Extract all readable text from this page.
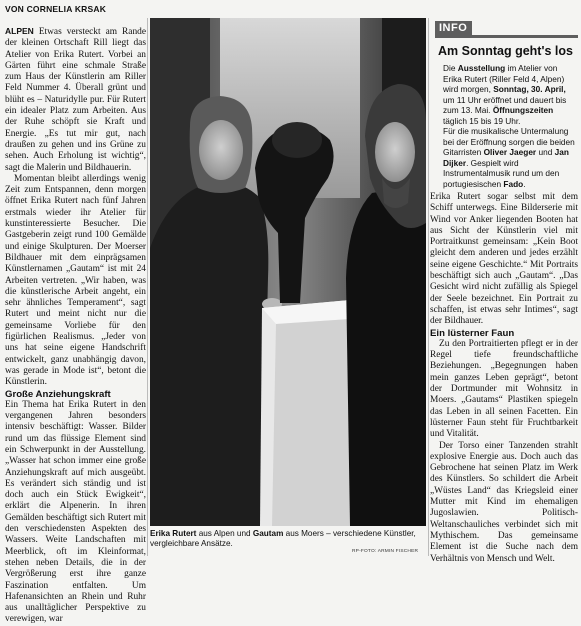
VON CORNELIA KRSAK

ALPEN Etwas versteckt am Rande der kleinen Ortschaft Rill liegt das Atelier von Erika Rutert. Vorbei an Gärten führt eine schmale Straße zum Haus der Künstlerin am Riller Feld Nummer 4. Überall grünt und blüht es – Naturidylle pur. Für Rutert ein idealer Platz zum Arbeiten. Aus der Ruhe schöpft sie Kraft und Energie. „Es tut mir gut, nach draußen zu gehen und ins Grüne zu sehen. Auch Erholung ist wichtig“, sagt die Malerin und Bildhauerin.

Momentan bleibt allerdings wenig Zeit zum Entspannen, denn morgen öffnet Erika Rutert nach fünf Jahren erstmals wieder ihr Atelier für kunstinteressierte Besucher. Die Gastgeberin zeigt rund 100 Gemälde und einige Skulpturen. Der Moerser Bildhauer mit dem einprägsamen Künstlernamen „Gautam“ ist mit 24 Arbeiten vertreten. „Wir haben, was die künstlerische Arbeit angeht, ein sehr ähnliches Temperament“, sagt Rutert und meint nicht nur die gemeinsame Vorliebe für den figürlichen Realismus. „Jeder von uns hat seine eigene Handschrift entwickelt, ganz unabhängig davon, was gerade in Mode ist“, betont die Künstlerin.

Große Anziehungskraft

Ein Thema hat Erika Rutert in den vergangenen Jahren besonders intensiv beschäftigt: Wasser. Bilder rund um das flüssige Element sind ein Schwerpunkt in der Ausstellung. „Wasser hat schon immer eine große Anziehungskraft auf mich ausgeübt. Es verändert sich ständig und ist doch auch ein Stück Ewigkeit“, erklärt die Alpenerin. In ihren Gemälden beschäftigt sich Rutert mit den verschiedensten Aspekten des Wassers. Weite Landschaften mit Meerblick, oft im Kleinformat, stehen neben Details, die in der Vergrößerung erst ihre ganze Faszination entfalten. Um Hafenansichten an Rhein und Ruhr aus unalltäglicher Perspektive zu verewigen, war

Erika Rutert aus Alpen und Gautam aus Moers – verschiedene Künstler, vergleichbare Ansätze.
RP-FOTO: ARMIN FISCHER
INFO
Am Sonntag geht's los
Die Ausstellung im Atelier von Erika Rutert (Riller Feld 4, Alpen) wird morgen, Sonntag, 30. April, um 11 Uhr eröffnet und dauert bis zum 13. Mai. Öffnungszeiten täglich 15 bis 19 Uhr.
Für die musikalische Untermalung bei der Eröffnung sorgen die beiden Gitarristen Oliver Jaeger und Jan Dijker. Gespielt wird Instrumentalmusik rund um den portugiesischen Fado.

Erika Rutert sogar selbst mit dem Schiff unterwegs. Eine Bilderserie mit Wind vor Anker liegenden Booten hat aus Sicht der Künstlerin viel mit Portraitkunst gemeinsam: „Kein Boot gleicht dem anderen und jedes erzählt seine eigene Geschichte.“ Mit Portraits beschäftigt sich auch „Gautam“. „Das Gesicht wird nicht zufällig als Spiegel der Seele bezeichnet. Ein Portrait zu schaffen, ist etwas sehr Intimes“, sagt der Bildhauer.

Ein lüsterner Faun

Zu den Portraitierten pflegt er in der Regel tiefe freundschaftliche Beziehungen. „Begegnungen haben mein ganzes Leben geprägt“, betont der Dortmunder mit Wohnsitz in Moers. „Gautams“ Plastiken spiegeln das Leben in all seinen Facetten. Ein lüsterner Faun steht für Fruchtbarkeit und Vitalität.

Der Torso einer Tanzenden strahlt explosive Energie aus. Doch auch das Gebrochene hat seinen Platz im Werk des Künstlers. So schildert die Arbeit „Wüstes Land“ das Kriegsleid einer Mutter mit Kind im ehemaligen Jugoslawien. Politisch-Weltanschauliches verbindet sich mit Mythischem. Das gemeinsame Element ist die Suche nach dem Verhältnis von Mensch und Welt.
